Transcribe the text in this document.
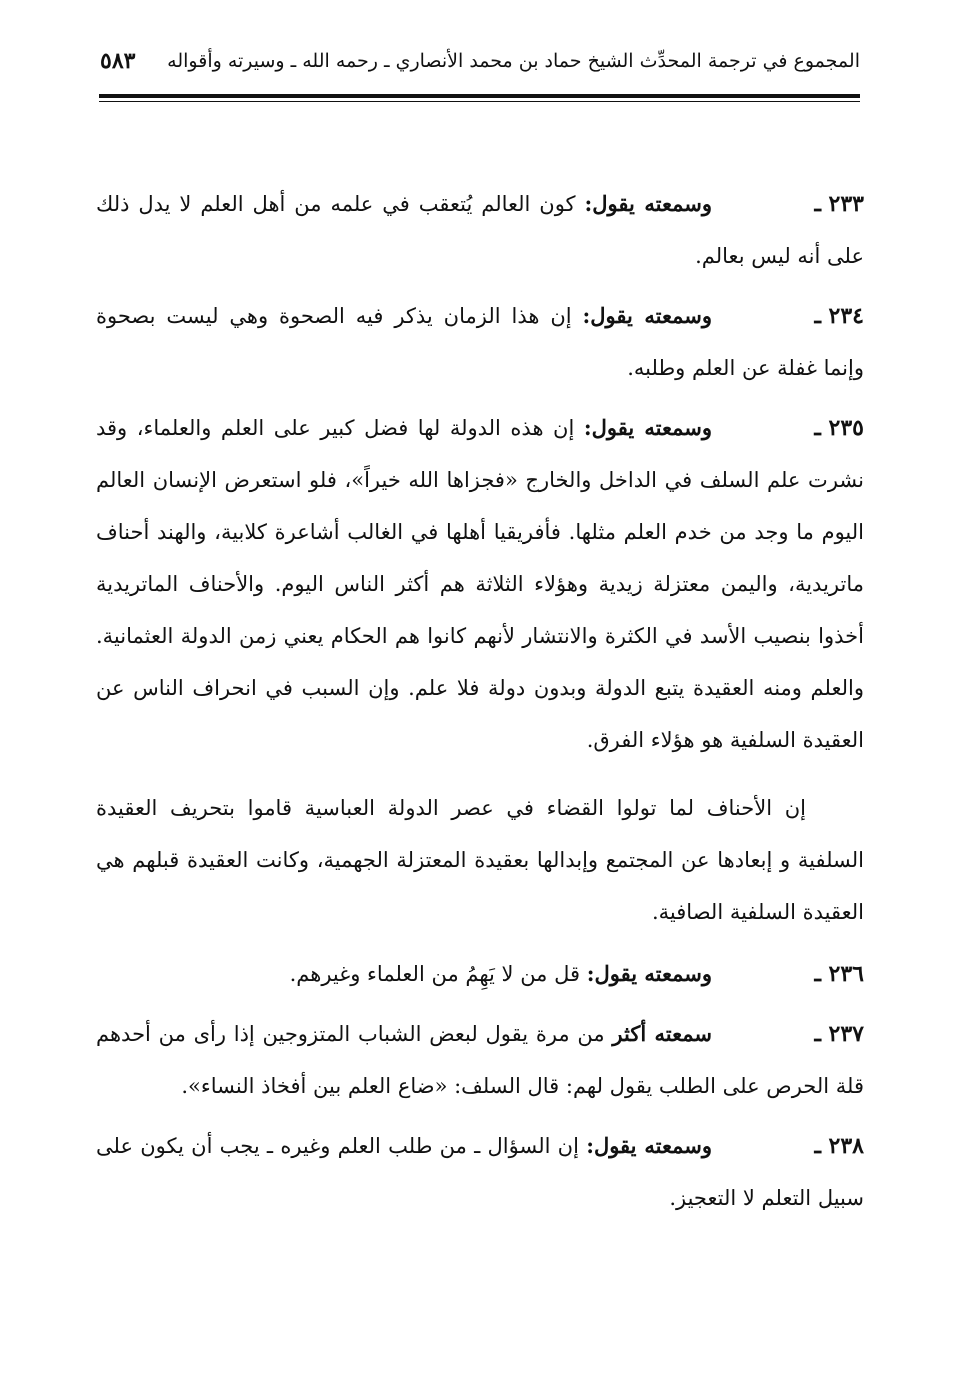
المجموع في ترجمة المحدِّث الشيخ حماد بن محمد الأنصاري ـ رحمه الله ـ وسيرته وأقواله
٥٨٣

٢٣٣ ـوسمعته يقول: كون العالم يُتعقب في علمه من أهل العلم لا يدل ذلك على أنه ليس بعالم.

٢٣٤ ـوسمعته يقول: إن هذا الزمان يذكر فيه الصحوة وهي ليست بصحوة وإنما غفلة عن العلم وطلبه.

٢٣٥ ـوسمعته يقول: إن هذه الدولة لها فضل كبير على العلم والعلماء، وقد نشرت علم السلف في الداخل والخارج «فجزاها الله خيراً»، فلو استعرض الإنسان العالم اليوم ما وجد من خدم العلم مثلها. فأفريقيا أهلها في الغالب أشاعرة كلابية، والهند أحناف ماتريدية، واليمن معتزلة زيدية وهؤلاء الثلاثة هم أكثر الناس اليوم. والأحناف الماتريدية أخذوا بنصيب الأسد في الكثرة والانتشار لأنهم كانوا هم الحكام يعني زمن الدولة العثمانية. والعلم ومنه العقيدة يتبع الدولة وبدون دولة فلا علم. وإن السبب في انحراف الناس عن العقيدة السلفية هو هؤلاء الفرق.

إن الأحناف لما تولوا القضاء في عصر الدولة العباسية قاموا بتحريف العقيدة السلفية و إبعادها عن المجتمع وإبدالها بعقيدة المعتزلة الجهمية، وكانت العقيدة قبلهم هي العقيدة السلفية الصافية.

٢٣٦ ـوسمعته يقول: قل من لا يَهِمُ من العلماء وغيرهم.

٢٣٧ ـسمعته أكثر من مرة يقول لبعض الشباب المتزوجين إذا رأى من أحدهم قلة الحرص على الطلب يقول لهم: قال السلف: «ضاع العلم بين أفخاذ النساء».

٢٣٨ ـوسمعته يقول: إن السؤال ـ من طلب العلم وغيره ـ يجب أن يكون على سبيل التعلم لا التعجيز.
